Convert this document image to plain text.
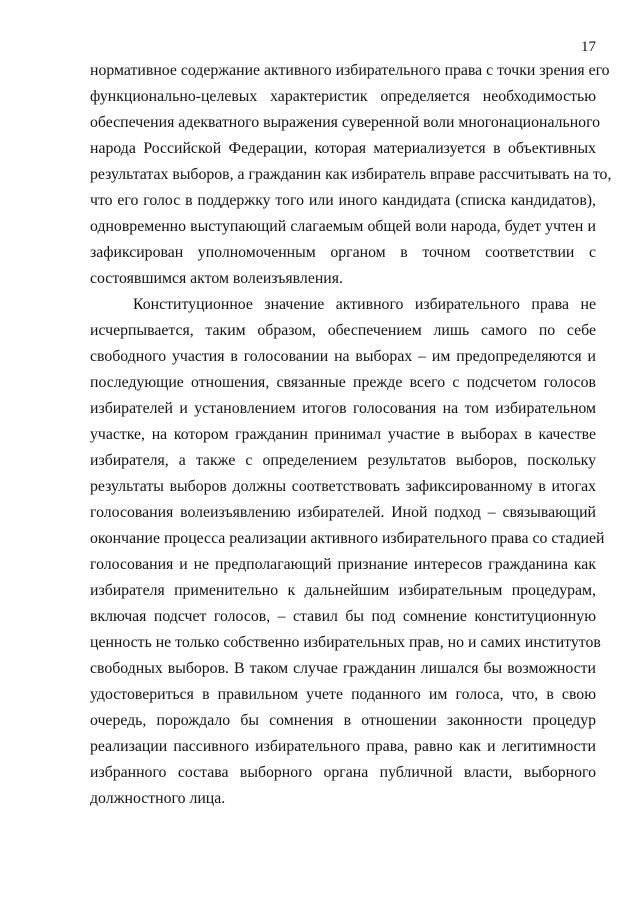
17
нормативное содержание активного избирательного права с точки зрения его
функционально-целевых характеристик определяется необходимостью
обеспечения адекватного выражения суверенной воли многонационального
народа Российской Федерации, которая материализуется в объективных
результатах выборов, а гражданин как избиратель вправе рассчитывать на то,
что его голос в поддержку того или иного кандидата (списка кандидатов),
одновременно выступающий слагаемым общей воли народа, будет учтен и
зафиксирован уполномоченным органом в точном соответствии с
состоявшимся актом волеизъявления.
Конституционное значение активного избирательного права не
исчерпывается, таким образом, обеспечением лишь самого по себе
свободного участия в голосовании на выборах – им предопределяются и
последующие отношения, связанные прежде всего с подсчетом голосов
избирателей и установлением итогов голосования на том избирательном
участке, на котором гражданин принимал участие в выборах в качестве
избирателя, а также с определением результатов выборов, поскольку
результаты выборов должны соответствовать зафиксированному в итогах
голосования волеизъявлению избирателей. Иной подход – связывающий
окончание процесса реализации активного избирательного права со стадией
голосования и не предполагающий признание интересов гражданина как
избирателя применительно к дальнейшим избирательным процедурам,
включая подсчет голосов, – ставил бы под сомнение конституционную
ценность не только собственно избирательных прав, но и самих институтов
свободных выборов. В таком случае гражданин лишался бы возможности
удостовериться в правильном учете поданного им голоса, что, в свою
очередь, порождало бы сомнения в отношении законности процедур
реализации пассивного избирательного права, равно как и легитимности
избранного состава выборного органа публичной власти, выборного
должностного лица.
